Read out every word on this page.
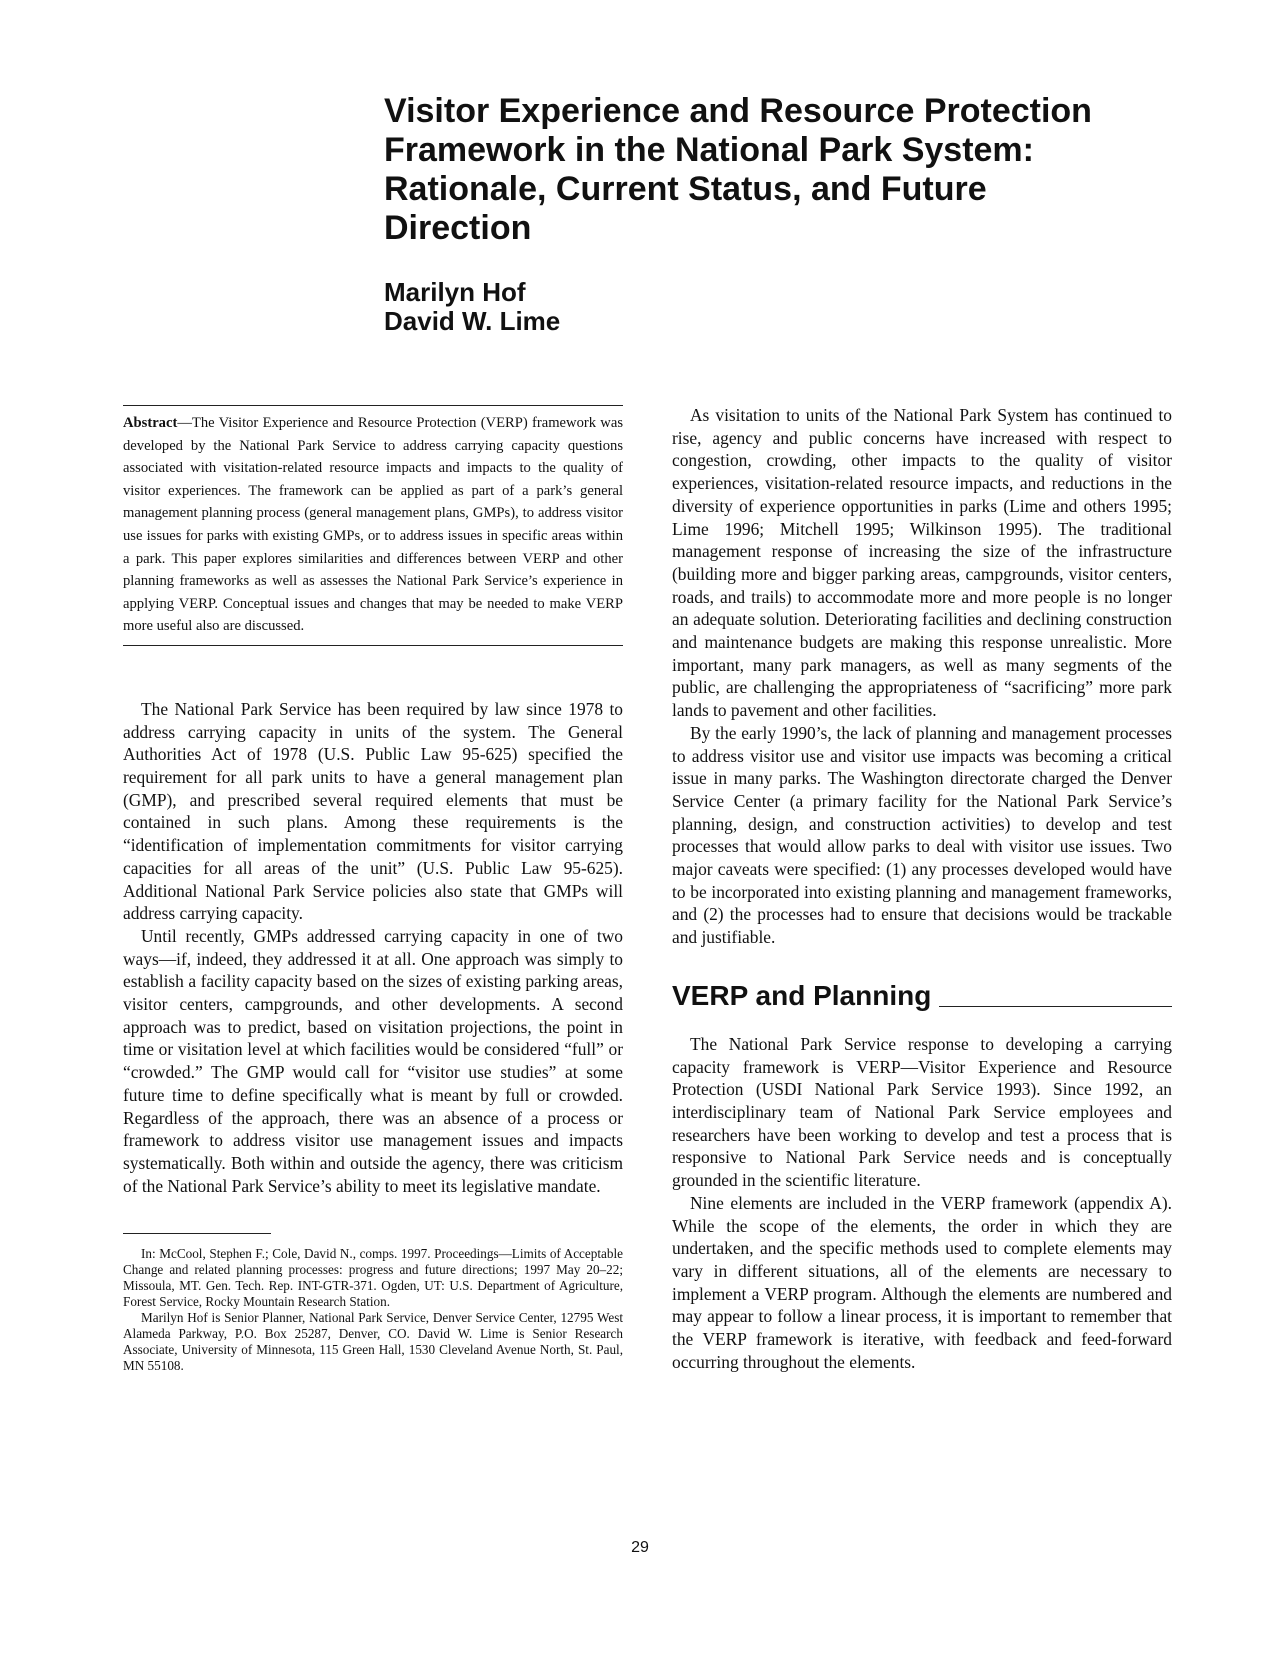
Visitor Experience and Resource Protection
Framework in the National Park System:
Rationale, Current Status, and Future
Direction
Marilyn Hof
David W. Lime
Abstract—The Visitor Experience and Resource Protection (VERP) framework was developed by the National Park Service to address carrying capacity questions associated with visitation-related resource impacts and impacts to the quality of visitor experiences. The framework can be applied as part of a park’s general management planning process (general management plans, GMPs), to address visitor use issues for parks with existing GMPs, or to address issues in specific areas within a park. This paper explores similarities and differences between VERP and other planning frameworks as well as assesses the National Park Service’s experience in applying VERP. Conceptual issues and changes that may be needed to make VERP more useful also are discussed.

The National Park Service has been required by law since 1978 to address carrying capacity in units of the system. The General Authorities Act of 1978 (U.S. Public Law 95-625) specified the requirement for all park units to have a general management plan (GMP), and prescribed several required elements that must be contained in such plans. Among these requirements is the “identification of implementation commitments for visitor carrying capacities for all areas of the unit” (U.S. Public Law 95-625). Additional National Park Service policies also state that GMPs will address carrying capacity.

Until recently, GMPs addressed carrying capacity in one of two ways—if, indeed, they addressed it at all. One approach was simply to establish a facility capacity based on the sizes of existing parking areas, visitor centers, campgrounds, and other developments. A second approach was to predict, based on visitation projections, the point in time or visitation level at which facilities would be considered “full” or “crowded.” The GMP would call for “visitor use studies” at some future time to define specifically what is meant by full or crowded. Regardless of the approach, there was an absence of a process or framework to address visitor use management issues and impacts systematically. Both within and outside the agency, there was criticism of the National Park Service’s ability to meet its legislative mandate.

In: McCool, Stephen F.; Cole, David N., comps. 1997. Proceedings—Limits of Acceptable Change and related planning processes: progress and future directions; 1997 May 20–22; Missoula, MT. Gen. Tech. Rep. INT-GTR-371. Ogden, UT: U.S. Department of Agriculture, Forest Service, Rocky Mountain Research Station.

Marilyn Hof is Senior Planner, National Park Service, Denver Service Center, 12795 West Alameda Parkway, P.O. Box 25287, Denver, CO. David W. Lime is Senior Research Associate, University of Minnesota, 115 Green Hall, 1530 Cleveland Avenue North, St. Paul, MN 55108.

As visitation to units of the National Park System has continued to rise, agency and public concerns have increased with respect to congestion, crowding, other impacts to the quality of visitor experiences, visitation-related resource impacts, and reductions in the diversity of experience opportunities in parks (Lime and others 1995; Lime 1996; Mitchell 1995; Wilkinson 1995). The traditional management response of increasing the size of the infrastructure (building more and bigger parking areas, campgrounds, visitor centers, roads, and trails) to accommodate more and more people is no longer an adequate solution. Deteriorating facilities and declining construction and maintenance budgets are making this response unrealistic. More important, many park managers, as well as many segments of the public, are challenging the appropriateness of “sacrificing” more park lands to pavement and other facilities.

By the early 1990’s, the lack of planning and management processes to address visitor use and visitor use impacts was becoming a critical issue in many parks. The Washington directorate charged the Denver Service Center (a primary facility for the National Park Service’s planning, design, and construction activities) to develop and test processes that would allow parks to deal with visitor use issues. Two major caveats were specified: (1) any processes developed would have to be incorporated into existing planning and management frameworks, and (2) the processes had to ensure that decisions would be trackable and justifiable.

VERP and Planning

The National Park Service response to developing a carrying capacity framework is VERP—Visitor Experience and Resource Protection (USDI National Park Service 1993). Since 1992, an interdisciplinary team of National Park Service employees and researchers have been working to develop and test a process that is responsive to National Park Service needs and is conceptually grounded in the scientific literature.

Nine elements are included in the VERP framework (appendix A). While the scope of the elements, the order in which they are undertaken, and the specific methods used to complete elements may vary in different situations, all of the elements are necessary to implement a VERP program. Although the elements are numbered and may appear to follow a linear process, it is important to remember that the VERP framework is iterative, with feedback and feed-forward occurring throughout the elements.

29
